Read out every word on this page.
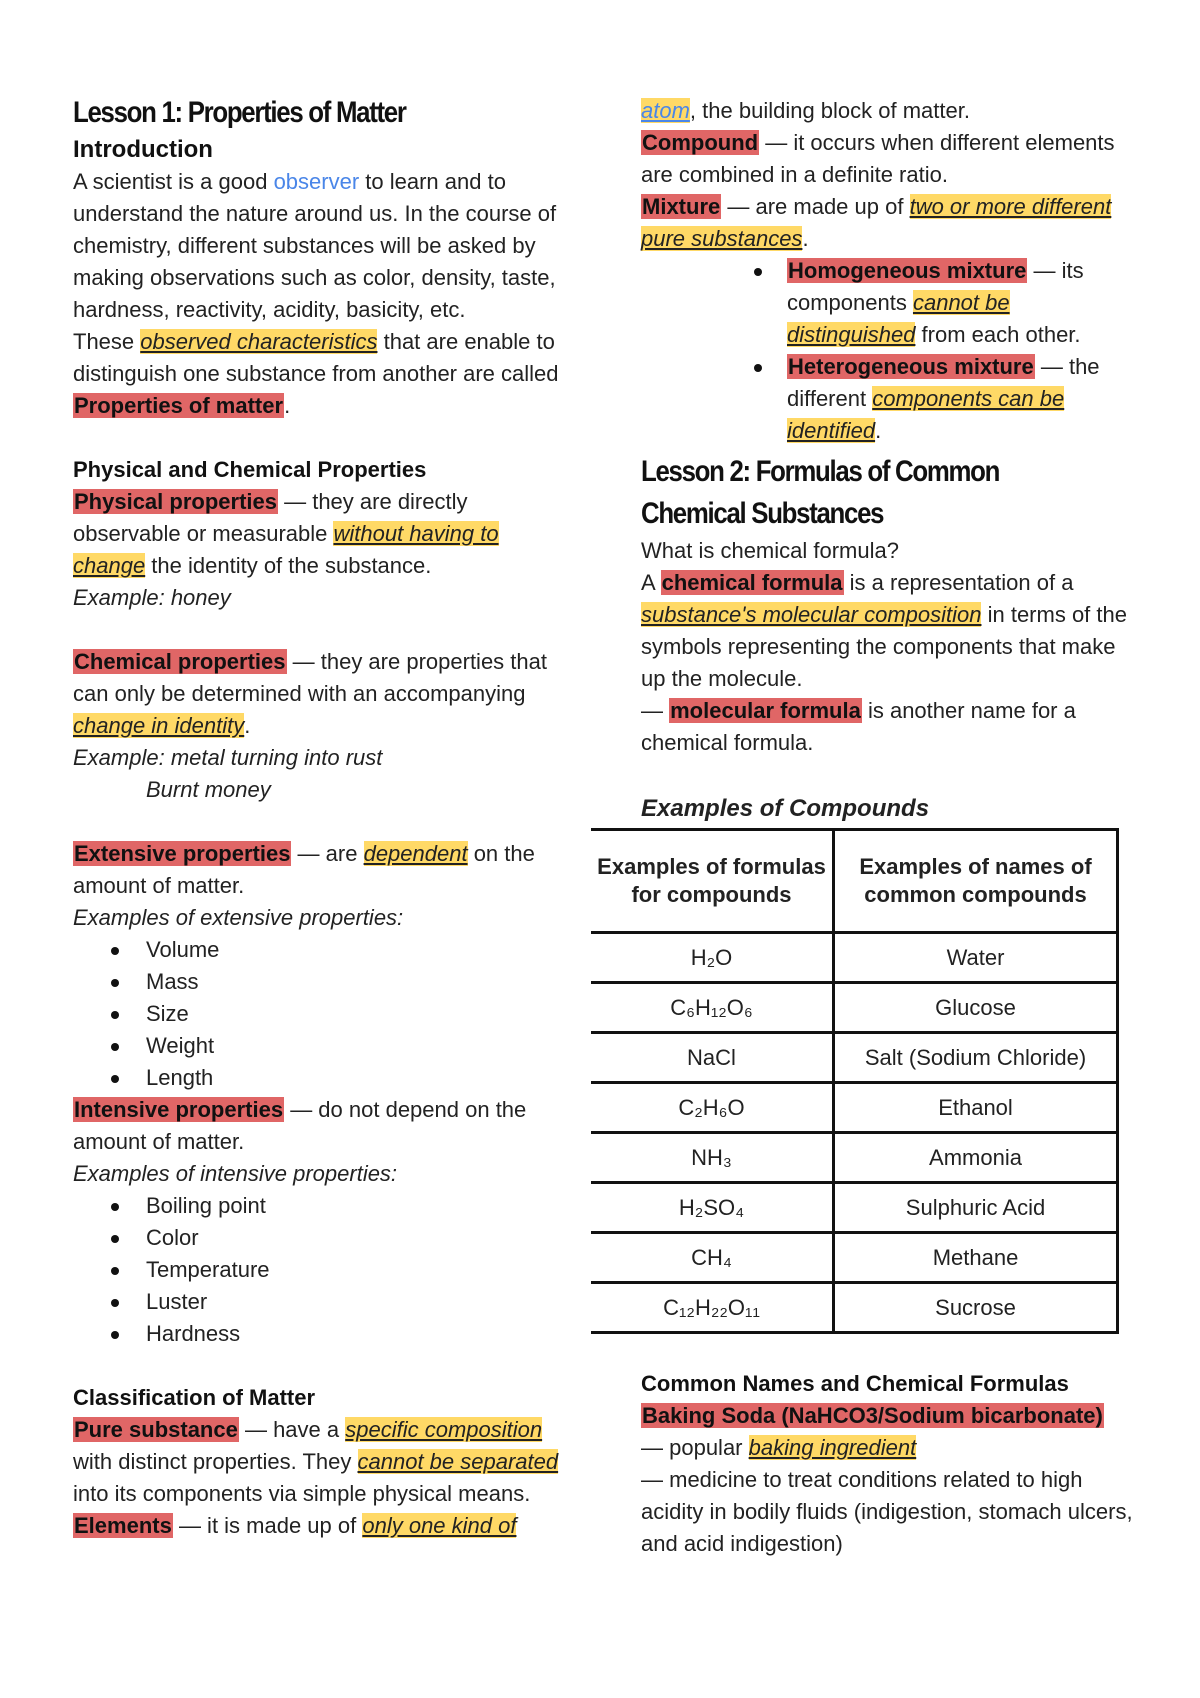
Lesson 1: Properties of Matter
Introduction
A scientist is a good observer to learn and to understand the nature around us. In the course of chemistry, different substances will be asked by making observations such as color, density, taste, hardness, reactivity, acidity, basicity, etc.
These observed characteristics that are enable to distinguish one substance from another are called Properties of matter.
Physical and Chemical Properties
Physical properties — they are directly observable or measurable without having to change the identity of the substance.
Example: honey
Chemical properties — they are properties that can only be determined with an accompanying change in identity.
Example: metal turning into rust
Burnt money
Extensive properties — are dependent on the amount of matter.
Examples of extensive properties:
Volume
Mass
Size
Weight
Length
Intensive properties — do not depend on the amount of matter.
Examples of intensive properties:
Boiling point
Color
Temperature
Luster
Hardness
Classification of Matter
Pure substance — have a specific composition with distinct properties. They cannot be separated into its components via simple physical means.
Elements — it is made up of only one kind of
atom, the building block of matter.
Compound — it occurs when different elements are combined in a definite ratio.
Mixture — are made up of two or more different pure substances.
Homogeneous mixture — its components cannot be distinguished from each other.
Heterogeneous mixture — the different components can be identified.
Lesson 2: Formulas of Common
Chemical Substances
What is chemical formula?
A chemical formula is a representation of a substance's molecular composition in terms of the symbols representing the components that make up the molecule.
— molecular formula is another name for a chemical formula.
Examples of Compounds
Examples of formulas for compounds	Examples of names of common compounds
H₂O	Water
C₆H₁₂O₆	Glucose
NaCl	Salt (Sodium Chloride)
C₂H₆O	Ethanol
NH₃	Ammonia
H₂SO₄	Sulphuric Acid
CH₄	Methane
C₁₂H₂₂O₁₁	Sucrose
Common Names and Chemical Formulas
Baking Soda (NaHCO3/Sodium bicarbonate)
— popular baking ingredient
— medicine to treat conditions related to high acidity in bodily fluids (indigestion, stomach ulcers, and acid indigestion)
